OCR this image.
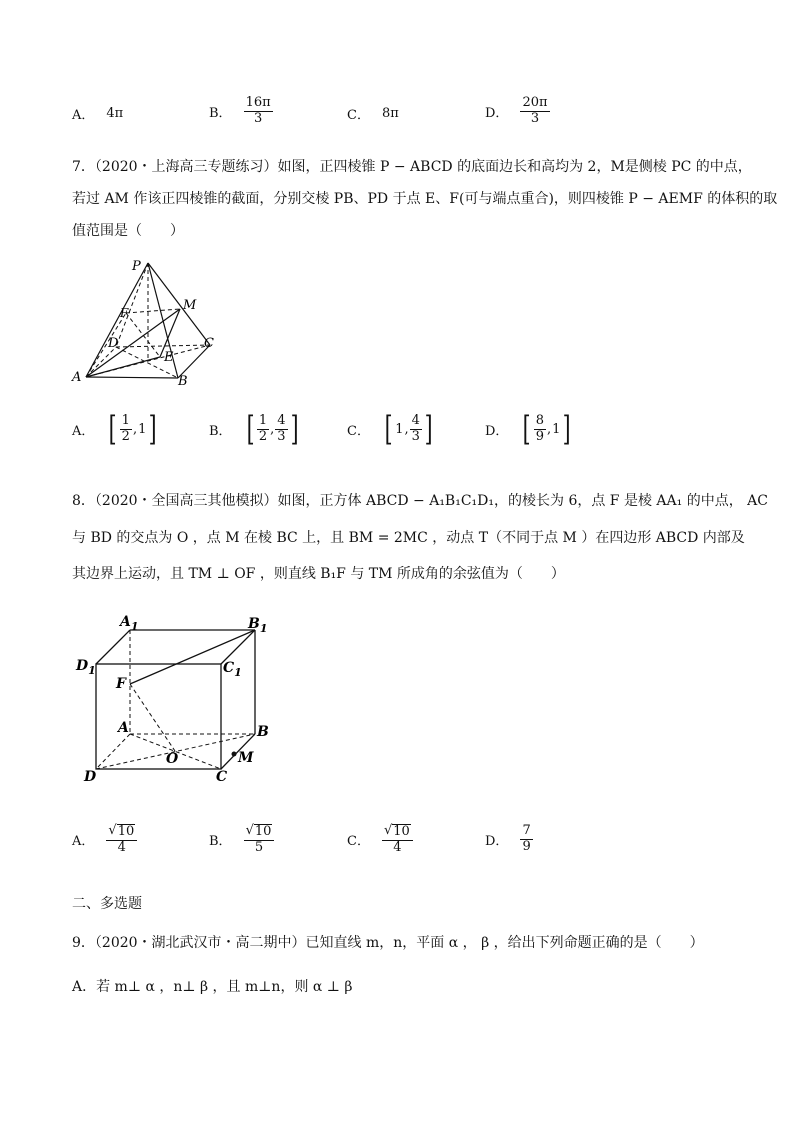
A． 4π	B． $\frac{16\pi}{3}$	C． 8π	D． $\frac{20\pi}{3}$
7．（2020・上海高三专题练习）如图，正四棱锥 P − ABCD 的底面边长和高均为 2，M是侧棱 PC 的中点，
若过 AM 作该正四棱锥的截面，分别交棱 PB、PD 于点 E、F(可与端点重合)，则四棱锥 P − AEMF 的体积的取
值范围是（　　）
P
M
F
D
E
C
A	B
A． [ $\frac{1}{2}$ , 1 ]	B． [ $\frac{1}{2}$ , $\frac{4}{3}$ ]	C． [ 1 , $\frac{4}{3}$ ]	D． [ $\frac{8}{9}$ , 1 ]
8．（2020・全国高三其他模拟）如图，正方体 ABCD − A₁B₁C₁D₁，的棱长为 6，点 F 是棱 AA₁ 的中点， AC
与 BD 的交点为 O ，点 M 在棱 BC 上，且 BM = 2MC ，动点 T（不同于点 M ）在四边形 ABCD 内部及
其边界上运动，且 TM ⊥ OF ，则直线 B₁F 与 TM 所成角的余弦值为（　　）
$A_1$	$B_1$
$D_1$	$C_1$
F
A	B
O	M
D	C
A． $\frac{√ 10}{4}$	B． $\frac{√ 10}{5}$	C． $\frac{√ 10}{4}$	D． $\frac{7}{9}$
二、多选题
9．（2020・湖北武汉市・高二期中）已知直线 m，n，平面 α ， β ，给出下列命题正确的是（　　）
A．若 m⊥ α ，n⊥ β ，且 m⊥n，则 α ⊥ β
